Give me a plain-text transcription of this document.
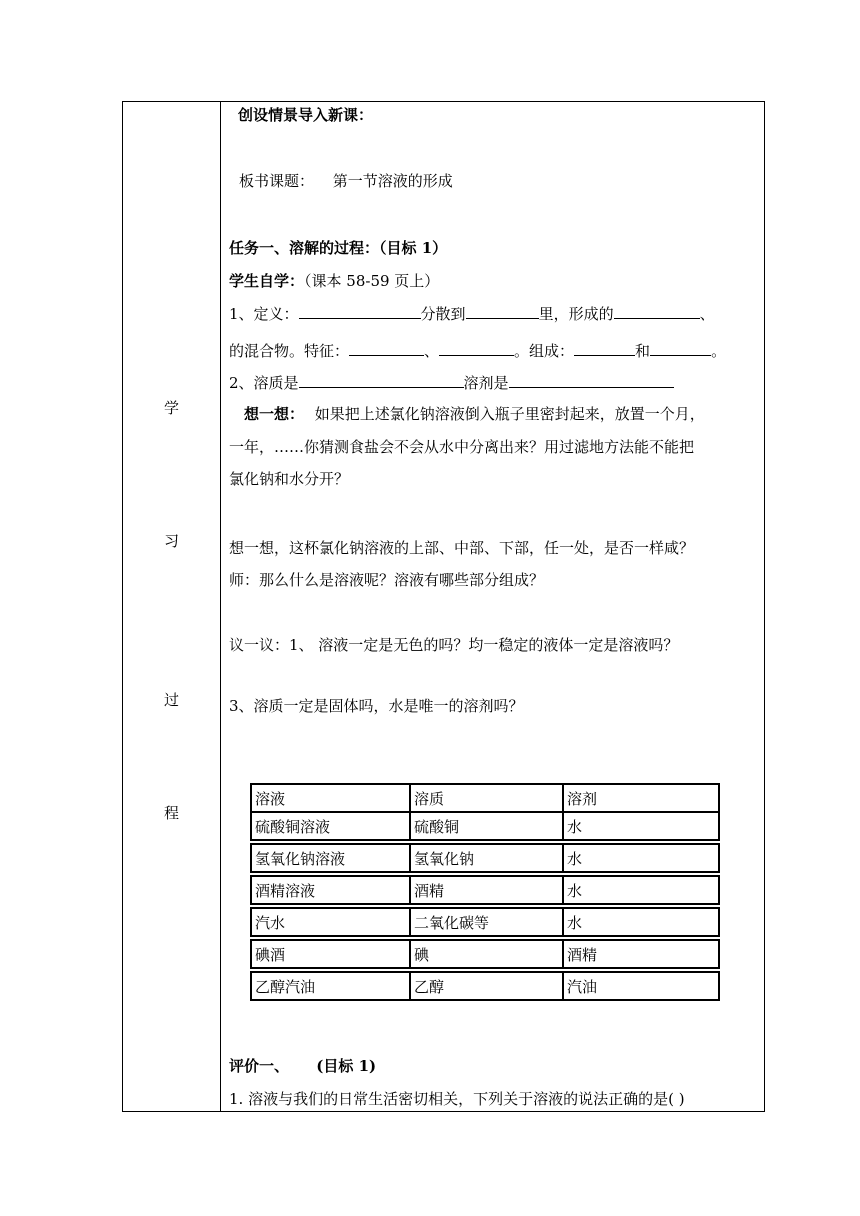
学
习
过
程
创设情景导入新课：
板书课题： 第一节溶液的形成
任务一、溶解的过程：（目标 1）
学生自学：（课本 58-59 页上）
1、定义：	分散到	里，形成的	、
的混合物。特征：	、	。组成：	和	。
2、溶质是	溶剂是
想一想： 如果把上述氯化钠溶液倒入瓶子里密封起来，放置一个月，
一年，……你猜测食盐会不会从水中分离出来？用过滤地方法能不能把
氯化钠和水分开？
想一想，这杯氯化钠溶液的上部、中部、下部，任一处，是否一样咸？
师：那么什么是溶液呢？溶液有哪些部分组成？
议一议：1、 溶液一定是无色的吗？均一稳定的液体一定是溶液吗？
3、溶质一定是固体吗，水是唯一的溶剂吗？
溶液	溶质	溶剂
硫酸铜溶液	硫酸铜	水

氢氧化钠溶液	氢氧化钠	水

酒精溶液	酒精	水

汽水	二氧化碳等	水

碘酒	碘	酒精

乙醇汽油	乙醇	汽油
评价一、 (目标 1)
1. 溶液与我们的日常生活密切相关，下列关于溶液的说法正确的是( )
